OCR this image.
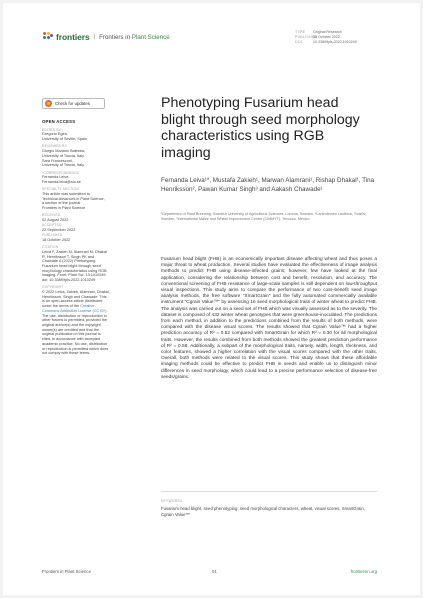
frontiers | Frontiers in Plant Science
TYPE Original Research
PUBLISHED18 October 2022
DOI	10.3389/fpls.2022.1010249
Check for updates
OPEN ACCESS
EDITED BY
Gregorio Egea,
University of Seville, Spain
REVIEWED BY
Giorgio Mariano Balestra,
University of Tuscia, Italy
Sara Francesconi,
University of Tuscia, Italy
*CORRESPONDENCE
Fernanda Leiva
Fernanda.leiva@slu.se
SPECIALTY SECTION
This article was submitted to
Technical Advances in Plant Science,
a section of the journal
Frontiers in Plant Science
RECEIVED
02 August 2022
ACCEPTED
22 September 2022
PUBLISHED
18 October 2022
CITATION
Leiva F, Zakieh M, Alamrani M, Dhakal R, Henriksson T, Singh PK and Chawade A (2022) Phenotyping Fusarium head blight through seed morphology characteristics using RGB imaging. Front. Plant Sci. 13:1010249. doi: 10.3389/fpls.2022.1010249
COPYRIGHT
© 2022 Leiva, Zakieh, Alamrani, Dhakal, Henriksson, Singh and Chawade. This is an open-access article distributed under the terms of the Creative Commons Attribution License (CC BY). The use, distribution or reproduction in other forums is permitted, provided the original author(s) and the copyright owner(s) are credited and that the original publication in this journal is cited, in accordance with accepted academic practice. No use, distribution or reproduction is permitted which does not comply with these terms.
Phenotyping Fusarium head blight through seed morphology characteristics using RGB imaging
Fernanda Leiva¹*, Mustafa Zakieh¹, Marwan Alamrani¹, Rishap Dhakal¹, Tina Henriksson², Pawan Kumar Singh³ and Aakash Chawade¹
¹Department of Plant Breeding, Swedish University of Agricultural Sciences, Lomma, Sweden, ²Lantmännen Lantbruk, Svalöv, Sweden, ³International Maize and Wheat Improvement Center (CIMMYT), Texcoco, Mexico
Fusarium head blight (FHB) is an economically important disease affecting wheat and thus poses a major threat to wheat production. Several studies have evaluated the effectiveness of image analysis methods to predict FHB using disease-infected grains; however, few have looked at the final application, considering the relationship between cost and benefit, resolution, and accuracy. The conventional screening of FHB resistance of large-scale samples is still dependent on low-throughput visual inspections. This study aims to compare the performance of two cost–benefit seed image analysis methods, the free software "SmartGrain" and the fully automated commercially available instrument "Cgrain Value™" by assessing 16 seed morphological traits of winter wheat to predict FHB. The analysis was carried out on a seed set of FHB which was visually assessed as to the severity. The dataset is composed of 432 winter wheat genotypes that were greenhouse-inoculated. The predictions from each method, in addition to the predictions combined from the results of both methods, were compared with the disease visual scores. The results showed that Cgrain Value™ had a higher prediction accuracy of R² = 0.52 compared with SmartGrain for which R² = 0.30 for all morphological traits. However, the results combined from both methods showed the greatest prediction performance of R² = 0.58. Additionally, a subpart of the morphological traits, namely, width, length, thickness, and color features, showed a higher correlation with the visual scores compared with the other traits. Overall, both methods were related to the visual scores. This study shows that these affordable imaging methods could be effective to predict FHB in seeds and enable us to distinguish minor differences in seed morphology, which could lead to a precise performance selection of disease-free seeds/grains.
KEYWORDS
Fusarium head blight, seed phenotyping, seed morphological characters, wheat, visual scores, SmartGrain, Cgrain Value™
Frontiers in Plant Science	01	frontiersin.org
